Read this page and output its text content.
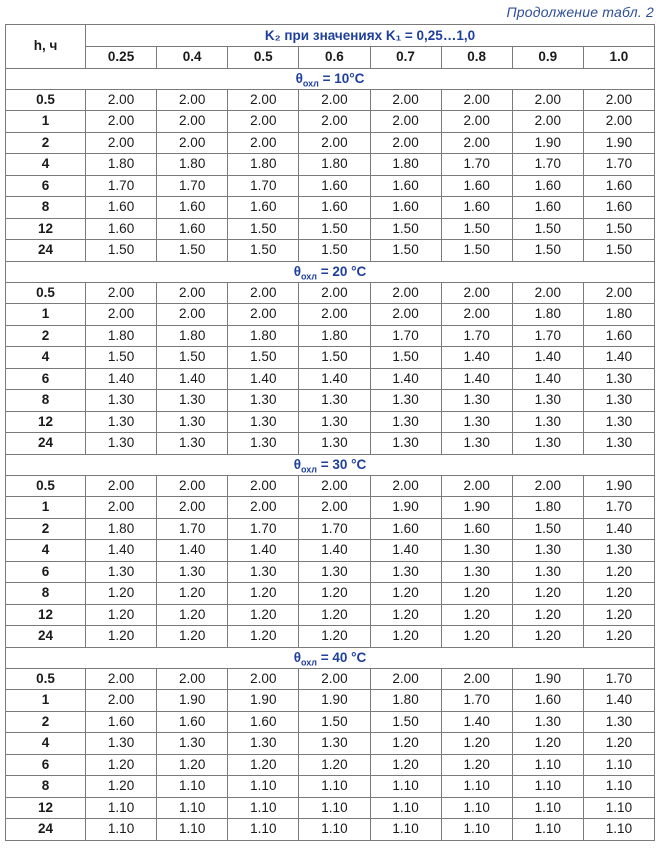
Продолжение табл. 2
h, ч	K₂ при значениях K₁ = 0,25…1,0							
	0.25	0.4	0.5	0.6	0.7	0.8	0.9	1.0
$\theta_{охл} = 10^\circ C$								
0.5	2.00	2.00	2.00	2.00	2.00	2.00	2.00	2.00
1	2.00	2.00	2.00	2.00	2.00	2.00	2.00	2.00
2	2.00	2.00	2.00	2.00	2.00	2.00	1.90	1.90
4	1.80	1.80	1.80	1.80	1.80	1.70	1.70	1.70
6	1.70	1.70	1.70	1.60	1.60	1.60	1.60	1.60
8	1.60	1.60	1.60	1.60	1.60	1.60	1.60	1.60
12	1.60	1.60	1.50	1.50	1.50	1.50	1.50	1.50
24	1.50	1.50	1.50	1.50	1.50	1.50	1.50	1.50
$\theta_{охл} = 20$ °C								
0.5	2.00	2.00	2.00	2.00	2.00	2.00	2.00	2.00
1	2.00	2.00	2.00	2.00	2.00	2.00	1.80	1.80
2	1.80	1.80	1.80	1.80	1.70	1.70	1.70	1.60
4	1.50	1.50	1.50	1.50	1.50	1.40	1.40	1.40
6	1.40	1.40	1.40	1.40	1.40	1.40	1.40	1.30
8	1.30	1.30	1.30	1.30	1.30	1.30	1.30	1.30
12	1.30	1.30	1.30	1.30	1.30	1.30	1.30	1.30
24	1.30	1.30	1.30	1.30	1.30	1.30	1.30	1.30
$\theta_{охл} = 30$ °C								
0.5	2.00	2.00	2.00	2.00	2.00	2.00	2.00	1.90
1	2.00	2.00	2.00	2.00	1.90	1.90	1.80	1.70
2	1.80	1.70	1.70	1.70	1.60	1.60	1.50	1.40
4	1.40	1.40	1.40	1.40	1.40	1.30	1.30	1.30
6	1.30	1.30	1.30	1.30	1.30	1.30	1.30	1.20
8	1.20	1.20	1.20	1.20	1.20	1.20	1.20	1.20
12	1.20	1.20	1.20	1.20	1.20	1.20	1.20	1.20
24	1.20	1.20	1.20	1.20	1.20	1.20	1.20	1.20
$\theta_{охл} = 40$ °C								
0.5	2.00	2.00	2.00	2.00	2.00	2.00	1.90	1.70
1	2.00	1.90	1.90	1.90	1.80	1.70	1.60	1.40
2	1.60	1.60	1.60	1.50	1.50	1.40	1.30	1.30
4	1.30	1.30	1.30	1.30	1.20	1.20	1.20	1.20
6	1.20	1.20	1.20	1.20	1.20	1.20	1.10	1.10
8	1.20	1.10	1.10	1.10	1.10	1.10	1.10	1.10
12	1.10	1.10	1.10	1.10	1.10	1.10	1.10	1.10
24	1.10	1.10	1.10	1.10	1.10	1.10	1.10	1.10
